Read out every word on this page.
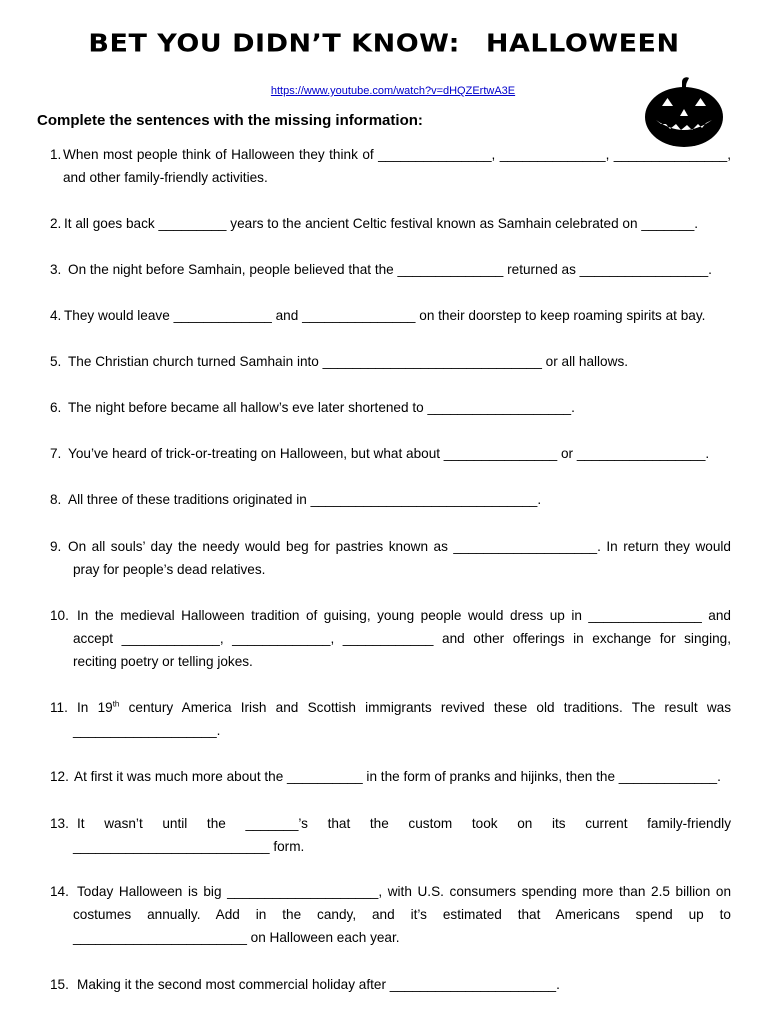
BET YOU DIDN’T KNOW: HALLOWEEN
https://www.youtube.com/watch?v=dHQZErtwA3E
Complete the sentences with the missing information:
1. When most people think of Halloween they think of _______________, ______________, _______________, and other family-friendly activities.
2. It all goes back _________ years to the ancient Celtic festival known as Samhain celebrated on _______.
3. On the night before Samhain, people believed that the ______________ returned as _________________.
4. They would leave _____________ and _______________ on their doorstep to keep roaming spirits at bay.
5. The Christian church turned Samhain into _____________________________ or all hallows.
6. The night before became all hallow’s eve later shortened to ___________________.
7. You’ve heard of trick-or-treating on Halloween, but what about _______________ or _________________.
8. All three of these traditions originated in ______________________________.
9. On all souls’ day the needy would beg for pastries known as ___________________. In return they would pray for people’s dead relatives.
10. In the medieval Halloween tradition of guising, young people would dress up in _______________ and accept _____________, _____________, ____________ and other offerings in exchange for singing, reciting poetry or telling jokes.
11. In 19th century America Irish and Scottish immigrants revived these old traditions. The result was ___________________.
12. At first it was much more about the __________ in the form of pranks and hijinks, then the _____________.
13. It wasn’t until the _______’s that the custom took on its current family-friendly __________________________ form.
14. Today Halloween is big ____________________, with U.S. consumers spending more than 2.5 billion on costumes annually. Add in the candy, and it’s estimated that Americans spend up to _______________________ on Halloween each year.
15. Making it the second most commercial holiday after ______________________.
